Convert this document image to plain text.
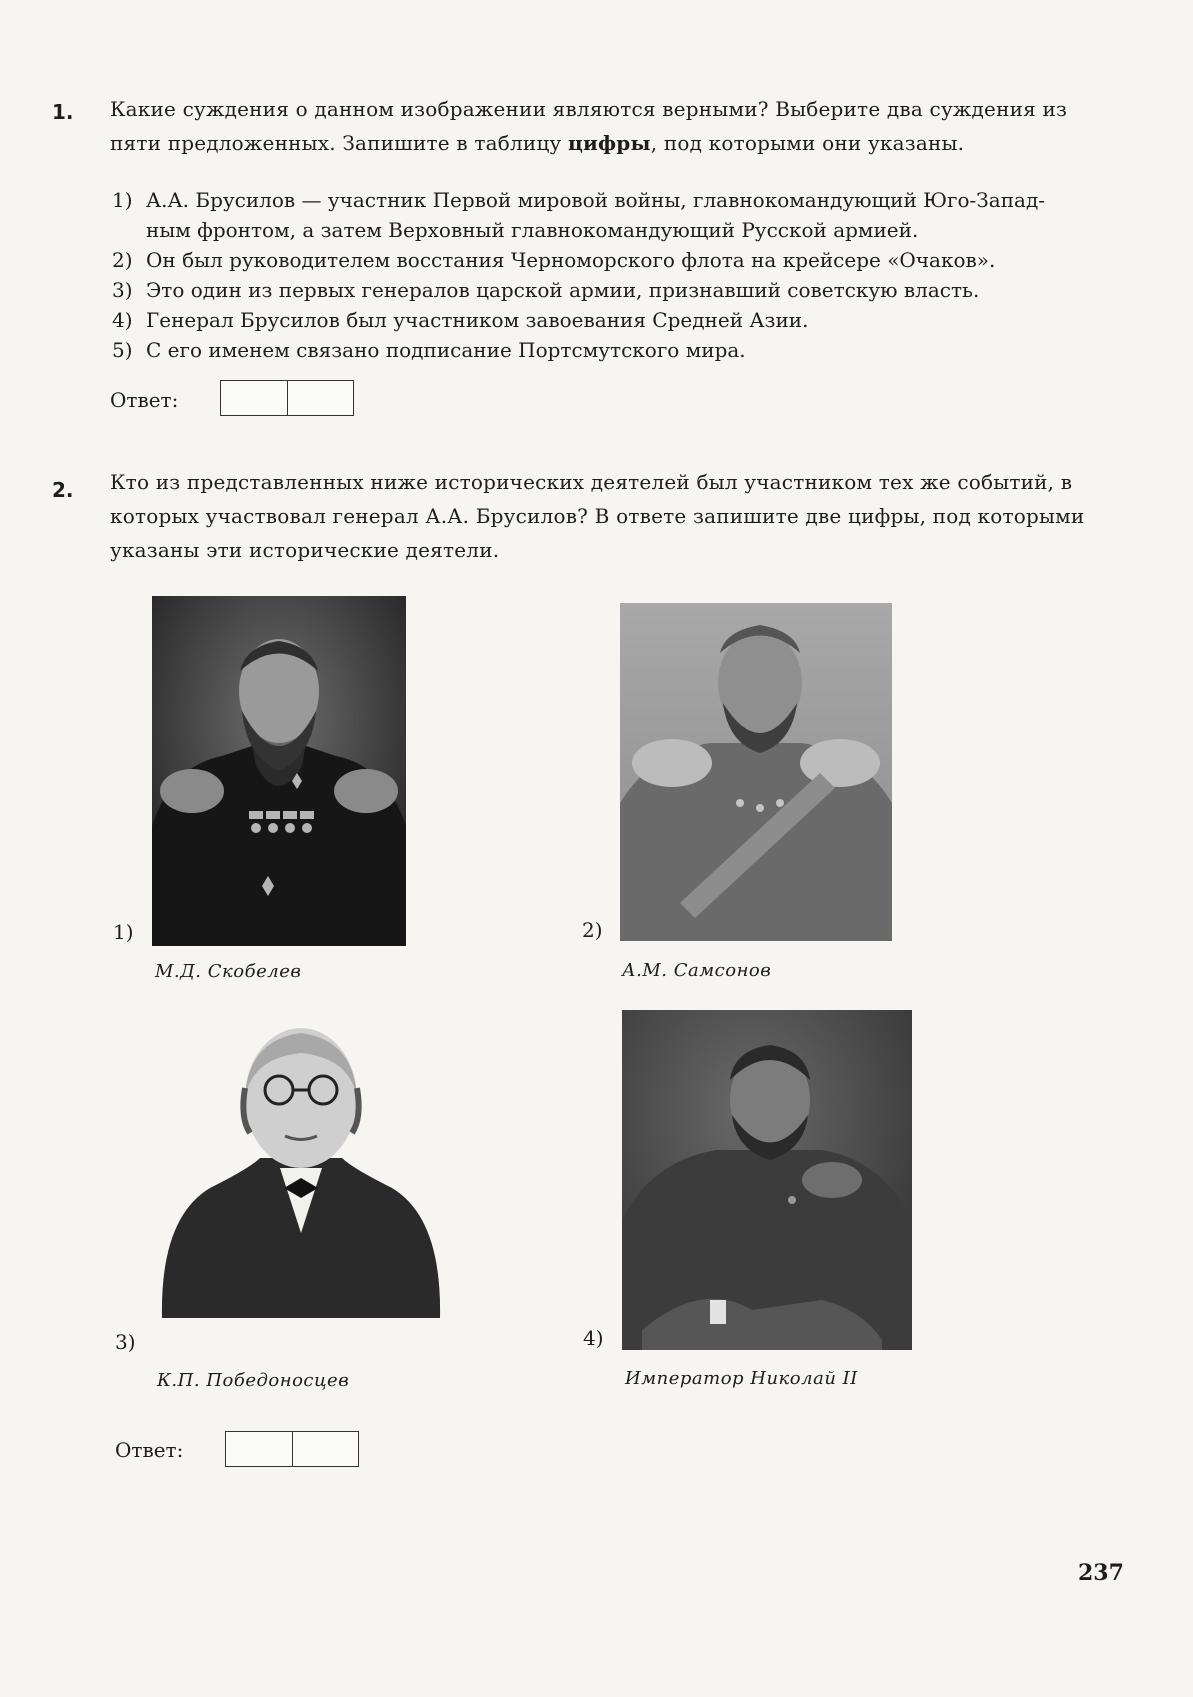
1. Какие суждения о данном изображении являются верными? Выберите два суждения из
пяти предложенных. Запишите в таблицу цифры, под которыми они указаны.
1) А.А. Брусилов — участник Первой мировой войны, главнокомандующий Юго-Запад-
ным фронтом, а затем Верховный главнокомандующий Русской армией.
2) Он был руководителем восстания Черноморского флота на крейсере «Очаков».
3) Это один из первых генералов царской армии, признавший советскую власть.
4) Генерал Брусилов был участником завоевания Средней Азии.
5) С его именем связано подписание Портсмутского мира.
Ответ:
2. Кто из представленных ниже исторических деятелей был участником тех же событий, в
которых участвовал генерал А.А. Брусилов? В ответе запишите две цифры, под которыми
указаны эти исторические деятели.
1)
М.Д. Скобелев
2)
А.М. Самсонов
3)
К.П. Победоносцев
4)
Император Николай II
Ответ:
237
